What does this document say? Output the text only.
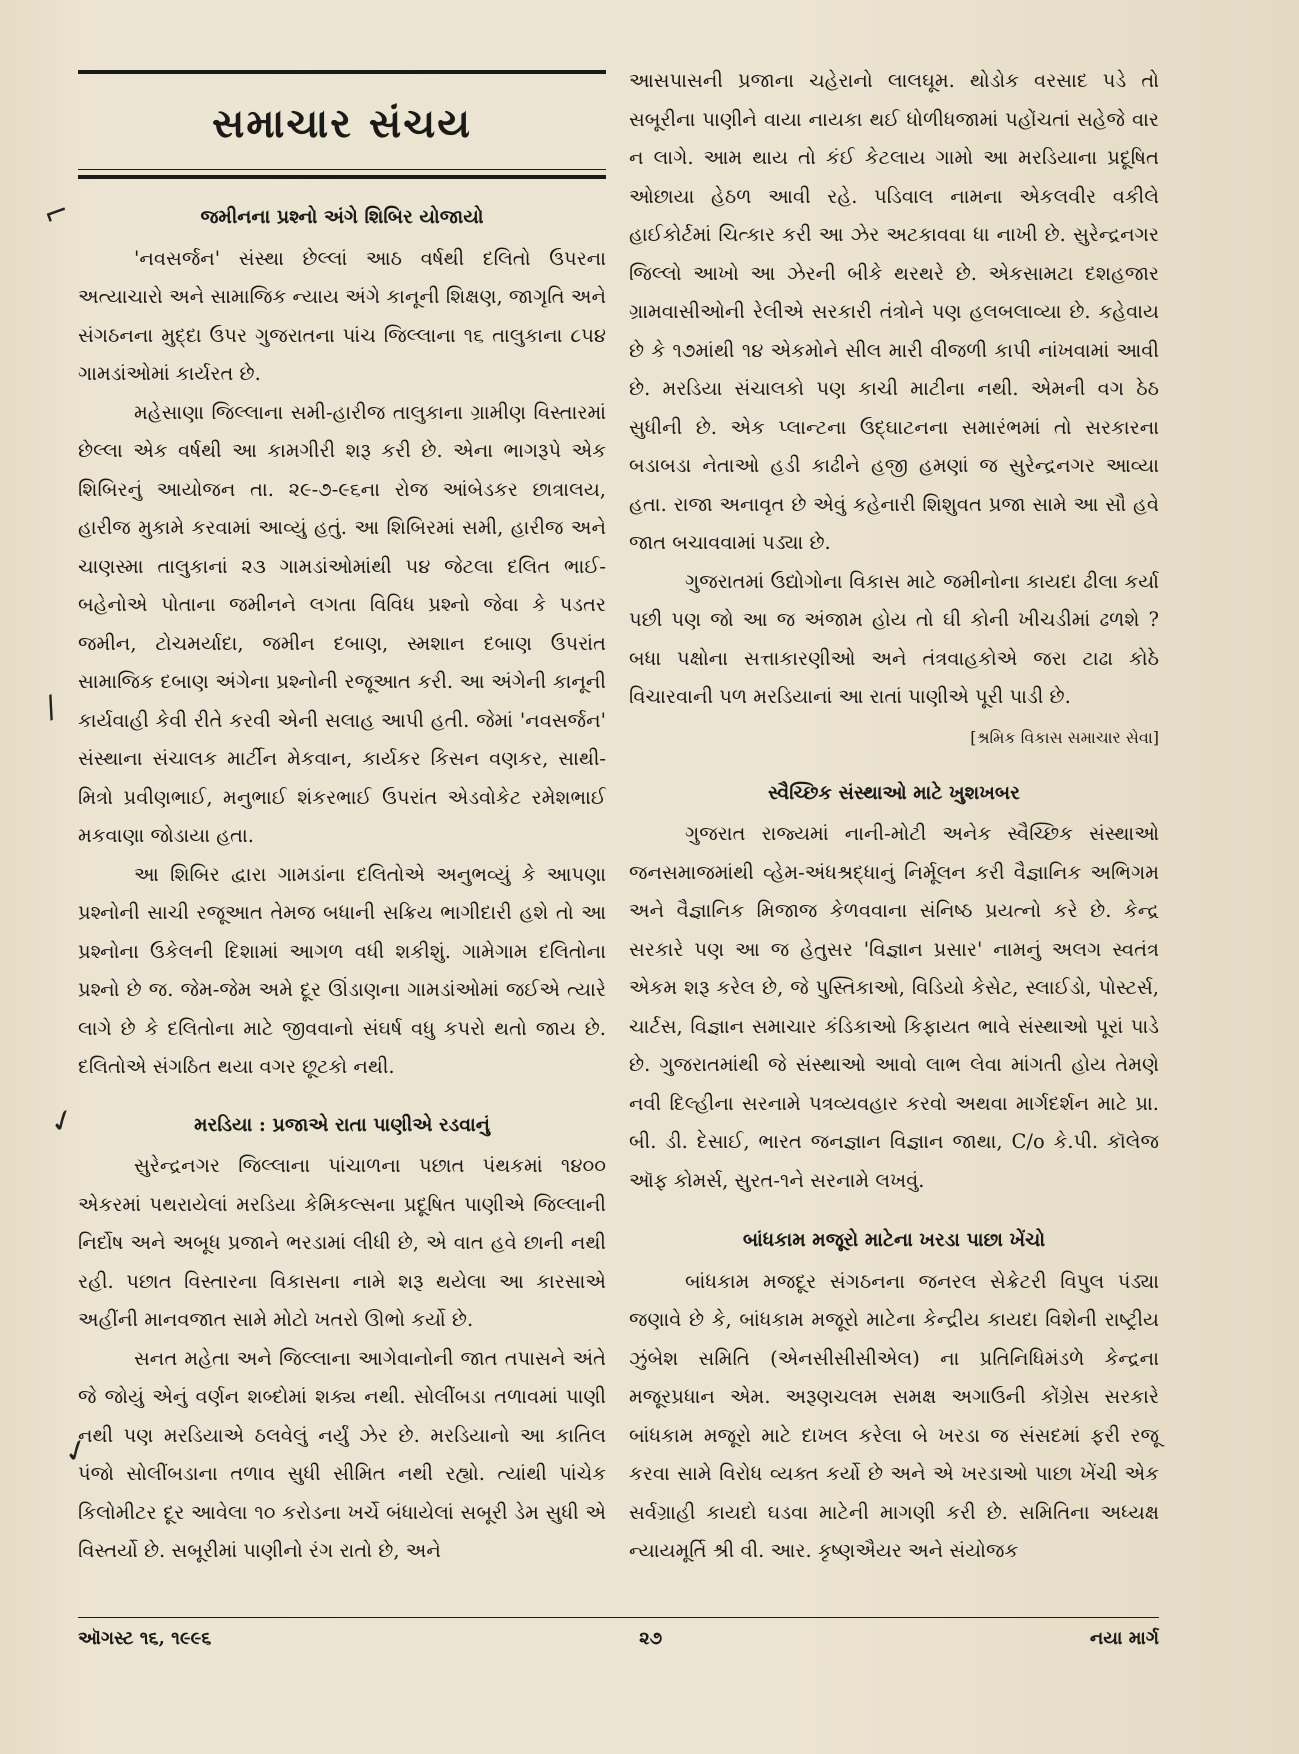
સમાચાર સંચય
જમીનના પ્રશ્નો અંગે શિબિર યોજાયો

'નવસર્જન' સંસ્થા છેલ્લાં આઠ વર્ષથી દલિતો ઉપરના અત્યાચારો અને સામાજિક ન્યાય અંગે કાનૂની શિક્ષણ, જાગૃતિ અને સંગઠનના મુદ્દા ઉપર ગુજરાતના પાંચ જિલ્લાના ૧૬ તાલુકાના ૮૫૪ ગામડાંઓમાં કાર્યરત છે.

મહેસાણા જિલ્લાના સમી-હારીજ તાલુકાના ગ્રામીણ વિસ્તારમાં છેલ્લા એક વર્ષથી આ કામગીરી શરૂ કરી છે. એના ભાગરૂપે એક શિબિરનું આયોજન તા. ૨૯-૭-૯૬ના રોજ આંબેડકર છાત્રાલય, હારીજ મુકામે કરવામાં આવ્યું હતું. આ શિબિરમાં સમી, હારીજ અને ચાણસ્મા તાલુકાનાં ૨૩ ગામડાંઓમાંથી ૫૪ જેટલા દલિત ભાઈ-બહેનોએ પોતાના જમીનને લગતા વિવિધ પ્રશ્નો જેવા કે પડતર જમીન, ટોચમર્યાદા, જમીન દબાણ, સ્મશાન દબાણ ઉપરાંત સામાજિક દબાણ અંગેના પ્રશ્નોની રજૂઆત કરી. આ અંગેની કાનૂની કાર્યવાહી કેવી રીતે કરવી એની સલાહ આપી હતી. જેમાં 'નવસર્જન' સંસ્થાના સંચાલક માર્ટીન મેકવાન, કાર્યકર કિસન વણકર, સાથી-મિત્રો પ્રવીણભાઈ, મનુભાઈ શંકરભાઈ ઉપરાંત એડવોકેટ રમેશભાઈ મકવાણા જોડાયા હતા.

આ શિબિર દ્વારા ગામડાંના દલિતોએ અનુભવ્યું કે આપણા પ્રશ્નોની સાચી રજૂઆત તેમજ બધાની સક્રિય ભાગીદારી હશે તો આ પ્રશ્નોના ઉકેલની દિશામાં આગળ વધી શકીશું. ગામેગામ દલિતોના પ્રશ્નો છે જ. જેમ-જેમ અમે દૂર ઊંડાણના ગામડાંઓમાં જઈએ ત્યારે લાગે છે કે દલિતોના માટે જીવવાનો સંઘર્ષ વધુ કપરો થતો જાય છે. દલિતોએ સંગઠિત થયા વગર છૂટકો નથી.

મરડિયા : પ્રજાએ રાતા પાણીએ રડવાનું

સુરેન્દ્રનગર જિલ્લાના પાંચાળના પછાત પંથકમાં ૧૪૦૦ એકરમાં પથરાયેલાં મરડિયા કેમિકલ્સના પ્રદૂષિત પાણીએ જિલ્લાની નિર્દોષ અને અબૂધ પ્રજાને ભરડામાં લીધી છે, એ વાત હવે છાની નથી રહી. પછાત વિસ્તારના વિકાસના નામે શરૂ થયેલા આ કારસાએ અહીંની માનવજાત સામે મોટો ખતરો ઊભો કર્યો છે.

સનત મહેતા અને જિલ્લાના આગેવાનોની જાત તપાસને અંતે જે જોયું એનું વર્ણન શબ્દોમાં શક્ય નથી. સોલીંબડા તળાવમાં પાણી નથી પણ મરડિયાએ ઠલવેલું નર્યું ઝેર છે. મરડિયાનો આ કાતિલ પંજો સોલીંબડાના તળાવ સુધી સીમિત નથી રહ્યો. ત્યાંથી પાંચેક કિલોમીટર દૂર આવેલા ૧૦ કરોડના ખર્ચે બંધાયેલાં સબૂરી ડેમ સુધી એ વિસ્તર્યો છે. સબૂરીમાં પાણીનો રંગ રાતો છે, અને

આસપાસની પ્રજાના ચહેરાનો લાલઘૂમ. થોડોક વરસાદ પડે તો સબૂરીના પાણીને વાયા નાયકા થઈ ધોળીધજામાં પહોંચતાં સહેજે વાર ન લાગે. આમ થાય તો કંઈ કેટલાય ગામો આ મરડિયાના પ્રદૂષિત ઓછાયા હેઠળ આવી રહે. પડિવાલ નામના એકલવીર વકીલે હાઈકોર્ટમાં ચિત્કાર કરી આ ઝેર અટકાવવા ધા નાખી છે. સુરેન્દ્રનગર જિલ્લો આખો આ ઝેરની બીકે થરથરે છે. એકસામટા દશહજાર ગ્રામવાસીઓની રેલીએ સરકારી તંત્રોને પણ હલબલાવ્યા છે. કહેવાય છે કે ૧૭માંથી ૧૪ એકમોને સીલ મારી વીજળી કાપી નાંખવામાં આવી છે. મરડિયા સંચાલકો પણ કાચી માટીના નથી. એમની વગ ઠેઠ સુધીની છે. એક પ્લાન્ટના ઉદ્ઘાટનના સમારંભમાં તો સરકારના બડાબડા નેતાઓ હડી કાઢીને હજી હમણાં જ સુરેન્દ્રનગર આવ્યા હતા. રાજા અનાવૃત છે એવું કહેનારી શિશુવત પ્રજા સામે આ સૌ હવે જાત બચાવવામાં પડ્યા છે.

ગુજરાતમાં ઉદ્યોગોના વિકાસ માટે જમીનોના કાયદા ઢીલા કર્યા પછી પણ જો આ જ અંજામ હોય તો ઘી કોની ખીચડીમાં ઢળશે ? બધા પક્ષોના સત્તાકારણીઓ અને તંત્રવાહકોએ જરા ટાઢા કોઠે વિચારવાની પળ મરડિયાનાં આ રાતાં પાણીએ પૂરી પાડી છે.

[શ્રમિક વિકાસ સમાચાર સેવા]

સ્વૈચ્છિક સંસ્થાઓ માટે ખુશખબર

ગુજરાત રાજ્યમાં નાની-મોટી અનેક સ્વૈચ્છિક સંસ્થાઓ જનસમાજમાંથી વ્હેમ-અંધશ્રદ્ધાનું નિર્મૂલન કરી વૈજ્ઞાનિક અભિગમ અને વૈજ્ઞાનિક મિજાજ કેળવવાના સંનિષ્ઠ પ્રયત્નો કરે છે. કેન્દ્ર સરકારે પણ આ જ હેતુસર 'વિજ્ઞાન પ્રસાર' નામનું અલગ સ્વતંત્ર એકમ શરૂ કરેલ છે, જે પુસ્તિકાઓ, વિડિયો કેસેટ, સ્લાઈડો, પોસ્ટર્સ, ચાર્ટસ, વિજ્ઞાન સમાચાર કંડિકાઓ કિફાયત ભાવે સંસ્થાઓ પૂરાં પાડે છે. ગુજરાતમાંથી જે સંસ્થાઓ આવો લાભ લેવા માંગતી હોય તેમણે નવી દિલ્હીના સરનામે પત્રવ્યવહાર કરવો અથવા માર્ગદર્શન માટે પ્રા. બી. ડી. દેસાઈ, ભારત જનજ્ઞાન વિજ્ઞાન જાથા, C/o કે.પી. કૉલેજ ઑફ કોમર્સ, સુરત-૧ને સરનામે લખવું.

બાંધકામ મજૂરો માટેના ખરડા પાછા ખેંચો

બાંધકામ મજદૂર સંગઠનના જનરલ સેક્રેટરી વિપુલ પંડ્યા જણાવે છે કે, બાંધકામ મજૂરો માટેના કેન્દ્રીય કાયદા વિશેની રાષ્ટ્રીય ઝુંબેશ સમિતિ (એનસીસીસીએલ) ના પ્રતિનિધિમંડળે કેન્દ્રના મજૂરપ્રધાન એમ. અરૂણચલમ સમક્ષ અગાઉની કોંગ્રેસ સરકારે બાંધકામ મજૂરો માટે દાખલ કરેલા બે ખરડા જ સંસદમાં ફરી રજૂ કરવા સામે વિરોધ વ્યક્ત કર્યો છે અને એ ખરડાઓ પાછા ખેંચી એક સર્વગ્રાહી કાયદો ઘડવા માટેની માગણી કરી છે. સમિતિના અધ્યક્ષ ન્યાયમૂર્તિ શ્રી વી. આર. કૃષ્ણઐયર અને સંયોજક

⌐
/
✓
✓
ઑગસ્ટ ૧૬, ૧૯૯૬	૨૭	નયા માર્ગ
